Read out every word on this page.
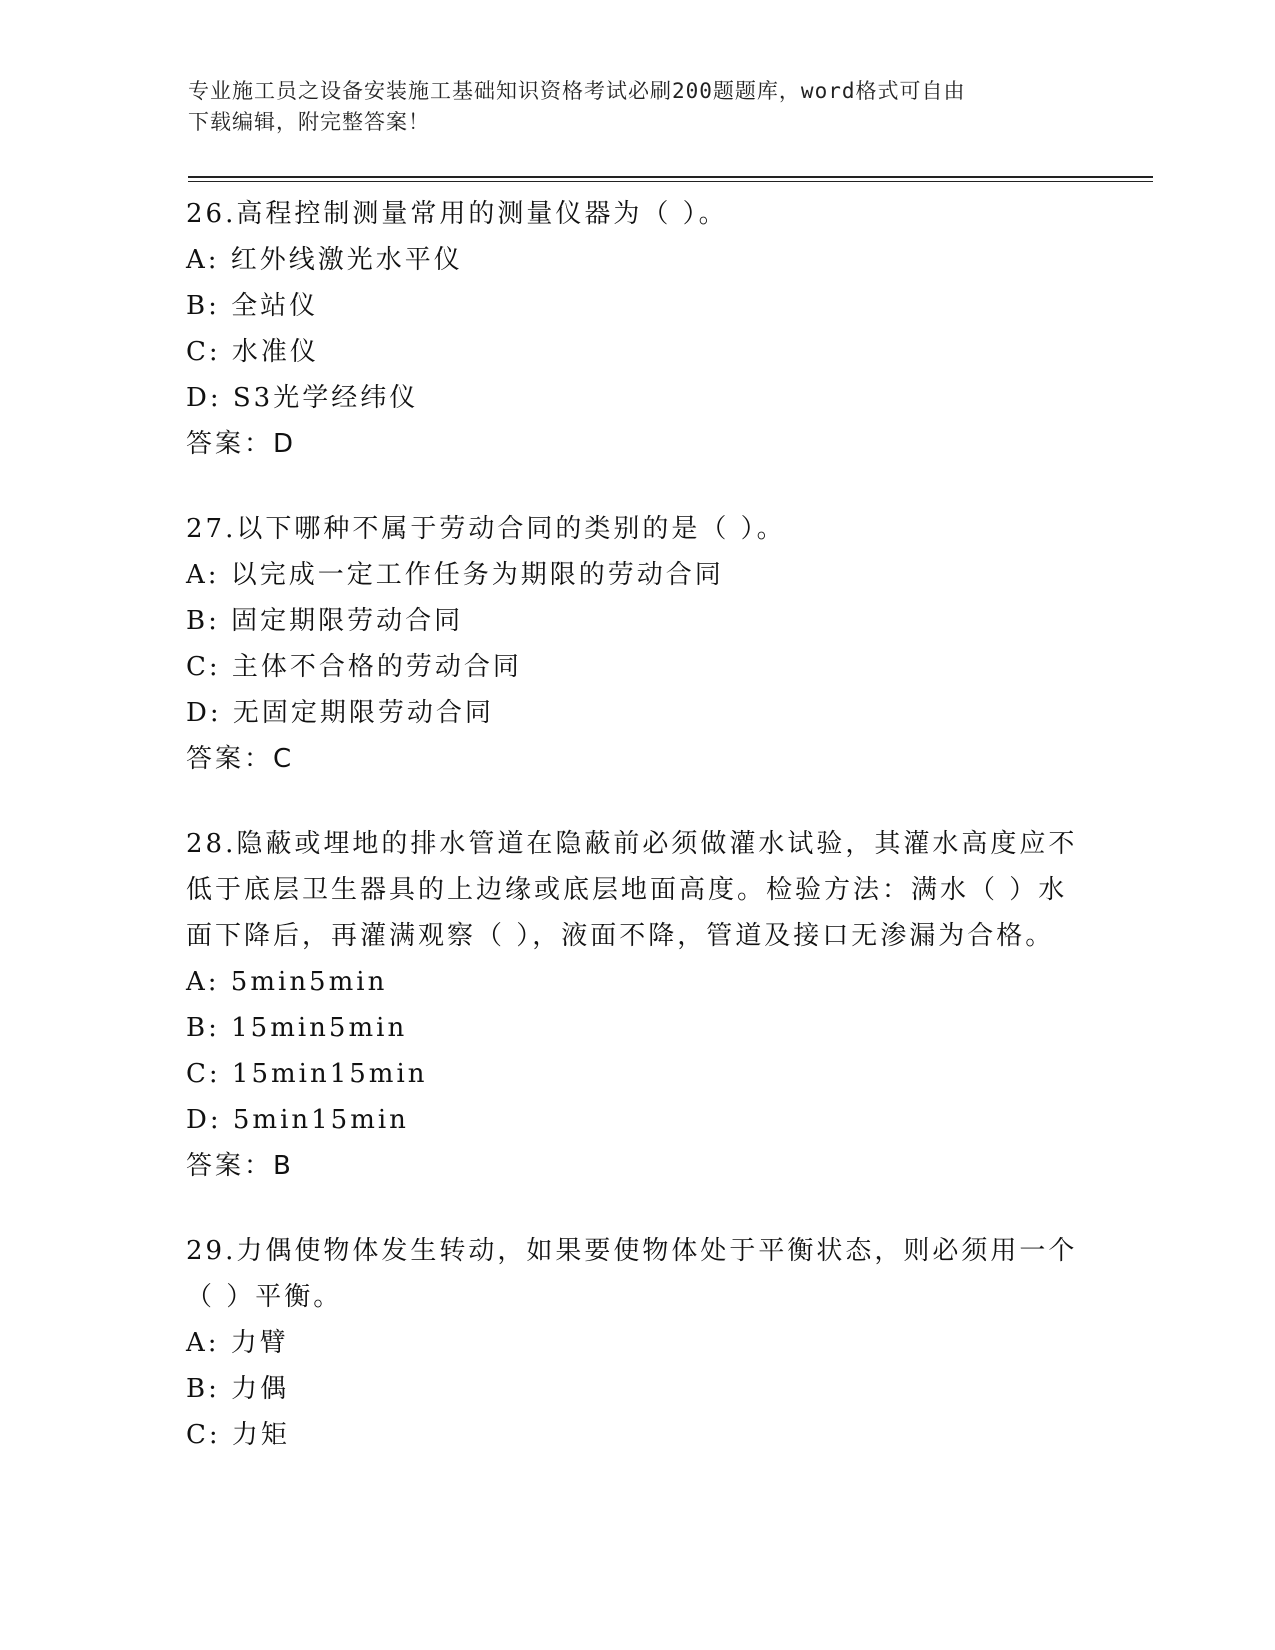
专业施工员之设备安装施工基础知识资格考试必刷200题题库，word格式可自由
下载编辑，附完整答案！
26.高程控制测量常用的测量仪器为（ ）。
A: 红外线激光水平仪
B: 全站仪
C: 水准仪
D: S3光学经纬仪
答案：D
27.以下哪种不属于劳动合同的类别的是（ ）。
A: 以完成一定工作任务为期限的劳动合同
B: 固定期限劳动合同
C: 主体不合格的劳动合同
D: 无固定期限劳动合同
答案：C
28.隐蔽或埋地的排水管道在隐蔽前必须做灌水试验，其灌水高度应不低于底层卫生器具的上边缘或底层地面高度。检验方法：满水（ ）水面下降后，再灌满观察（ ），液面不降，管道及接口无渗漏为合格。
A: 5min5min
B: 15min5min
C: 15min15min
D: 5min15min
答案：B
29.力偶使物体发生转动，如果要使物体处于平衡状态，则必须用一个（ ）平衡。
A: 力臂
B: 力偶
C: 力矩
